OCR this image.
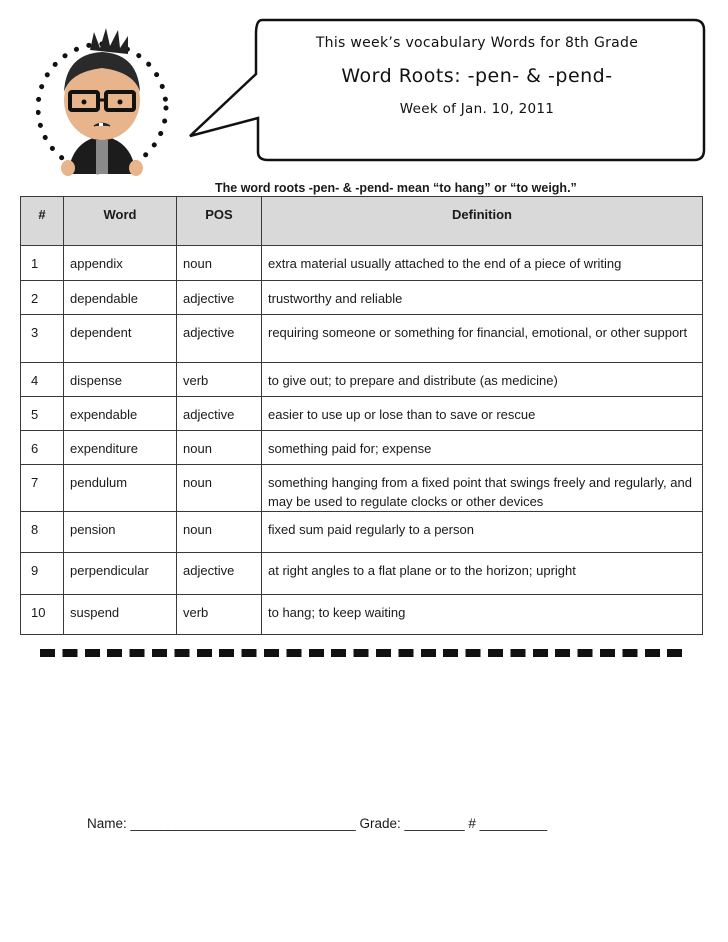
This week’s vocabulary Words for 8th Grade
Word Roots: -pen- & -pend-
Week of Jan. 10, 2011
The word roots -pen- & -pend- mean “to hang” or “to weigh.”
#	Word	POS	Definition
1	appendix	noun	extra material usually attached to the end of a piece of writing
2	dependable	adjective	trustworthy and reliable
3	dependent	adjective	requiring someone or something for financial, emotional, or other support
4	dispense	verb	to give out; to prepare and distribute (as medicine)
5	expendable	adjective	easier to use up or lose than to save or rescue
6	expenditure	noun	something paid for; expense
7	pendulum	noun	something hanging from a fixed point that swings freely and regularly, and may be used to regulate clocks or other devices
8	pension	noun	fixed sum paid regularly to a person
9	perpendicular	adjective	at right angles to a flat plane or to the horizon; upright
10	suspend	verb	to hang; to keep waiting
Name: ______________________________ Grade: ________ # _________
